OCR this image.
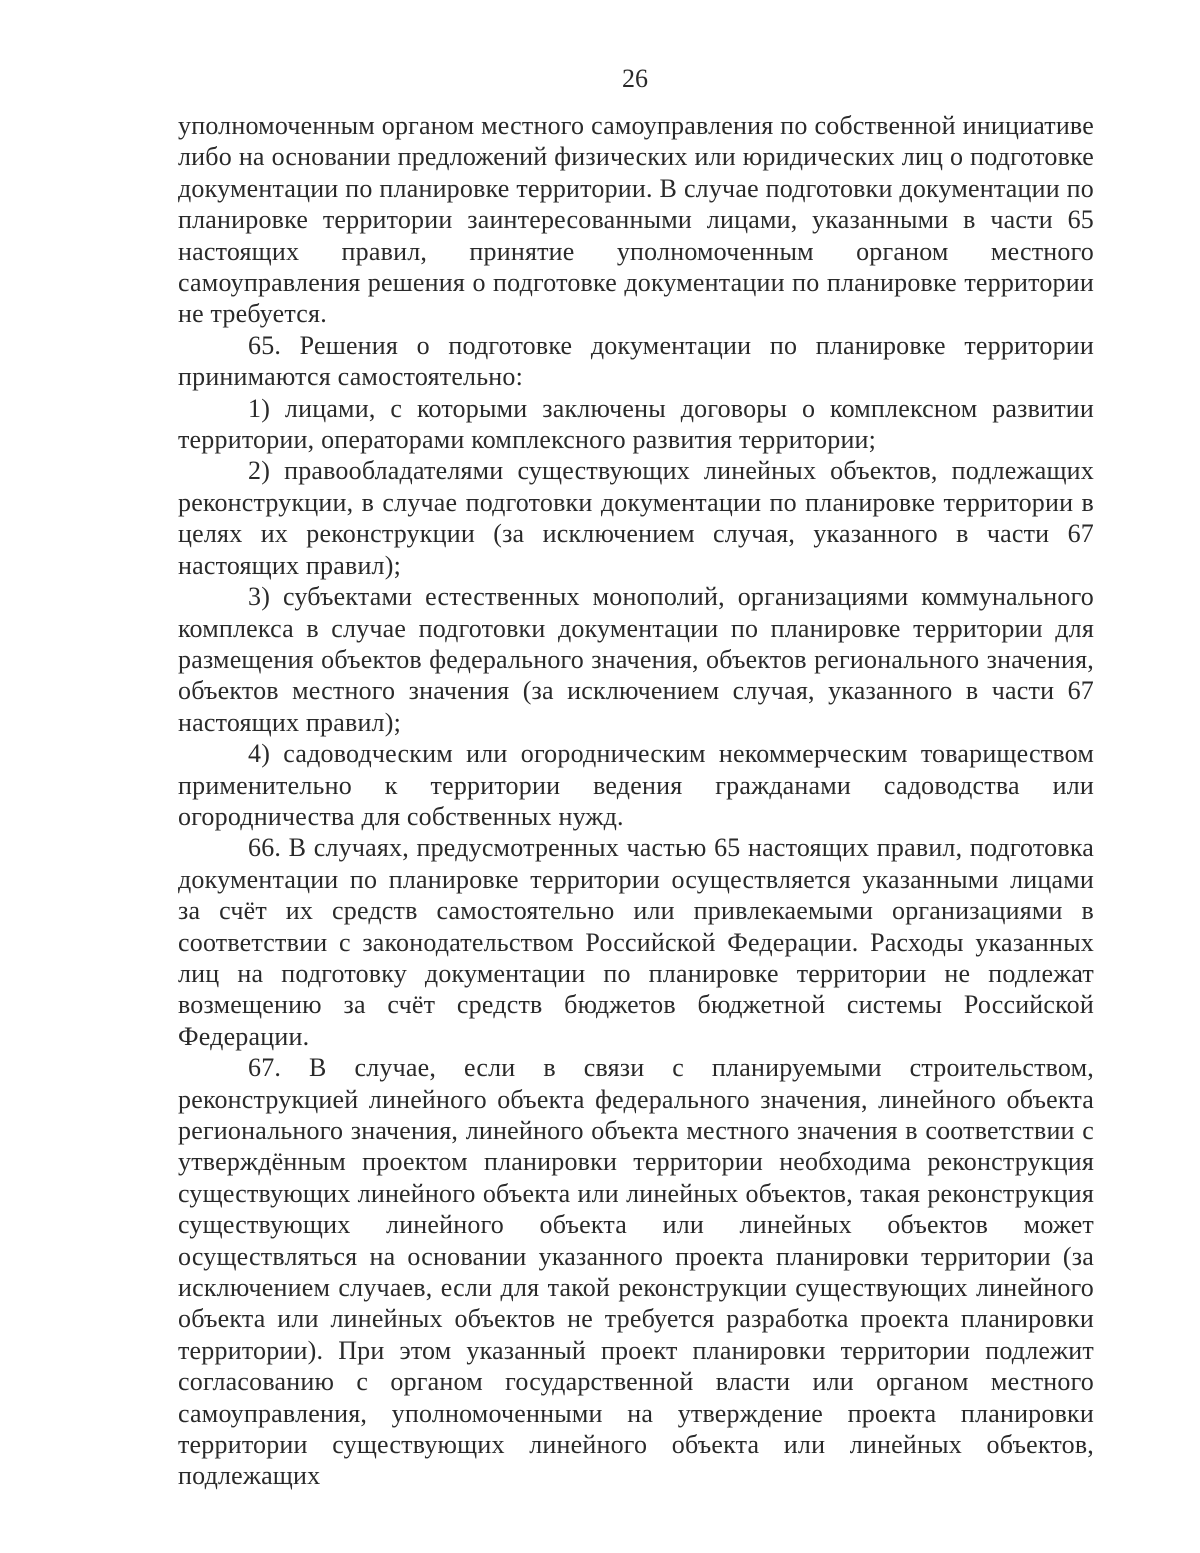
26

уполномоченным органом местного самоуправления по собственной инициативе либо на основании предложений физических или юридических лиц о подготовке документации по планировке территории. В случае подготовки документации по планировке территории заинтересованными лицами, указанными в части 65 настоящих правил, принятие уполномоченным органом местного самоуправления решения о подготовке документации по планировке территории не требуется.

65. Решения о подготовке документации по планировке территории принимаются самостоятельно:

1) лицами, с которыми заключены договоры о комплексном развитии территории, операторами комплексного развития территории;

2) правообладателями существующих линейных объектов, подлежащих реконструкции, в случае подготовки документации по планировке территории в целях их реконструкции (за исключением случая, указанного в части 67 настоящих правил);

3) субъектами естественных монополий, организациями коммунального комплекса в случае подготовки документации по планировке территории для размещения объектов федерального значения, объектов регионального значения, объектов местного значения (за исключением случая, указанного в части 67 настоящих правил);

4) садоводческим или огородническим некоммерческим товариществом применительно к территории ведения гражданами садоводства или огородничества для собственных нужд.

66. В случаях, предусмотренных частью 65 настоящих правил, подготовка документации по планировке территории осуществляется указанными лицами за счёт их средств самостоятельно или привлекаемыми организациями в соответствии с законодательством Российской Федерации. Расходы указанных лиц на подготовку документации по планировке территории не подлежат возмещению за счёт средств бюджетов бюджетной системы Российской Федерации.

67. В случае, если в связи с планируемыми строительством, реконструкцией линейного объекта федерального значения, линейного объекта регионального значения, линейного объекта местного значения в соответствии с утверждённым проектом планировки территории необходима реконструкция существующих линейного объекта или линейных объектов, такая реконструкция существующих линейного объекта или линейных объектов может осуществляться на основании указанного проекта планировки территории (за исключением случаев, если для такой реконструкции существующих линейного объекта или линейных объектов не требуется разработка проекта планировки территории). При этом указанный проект планировки территории подлежит согласованию с органом государственной власти или органом местного самоуправления, уполномоченными на утверждение проекта планировки территории существующих линейного объекта или линейных объектов, подлежащих
